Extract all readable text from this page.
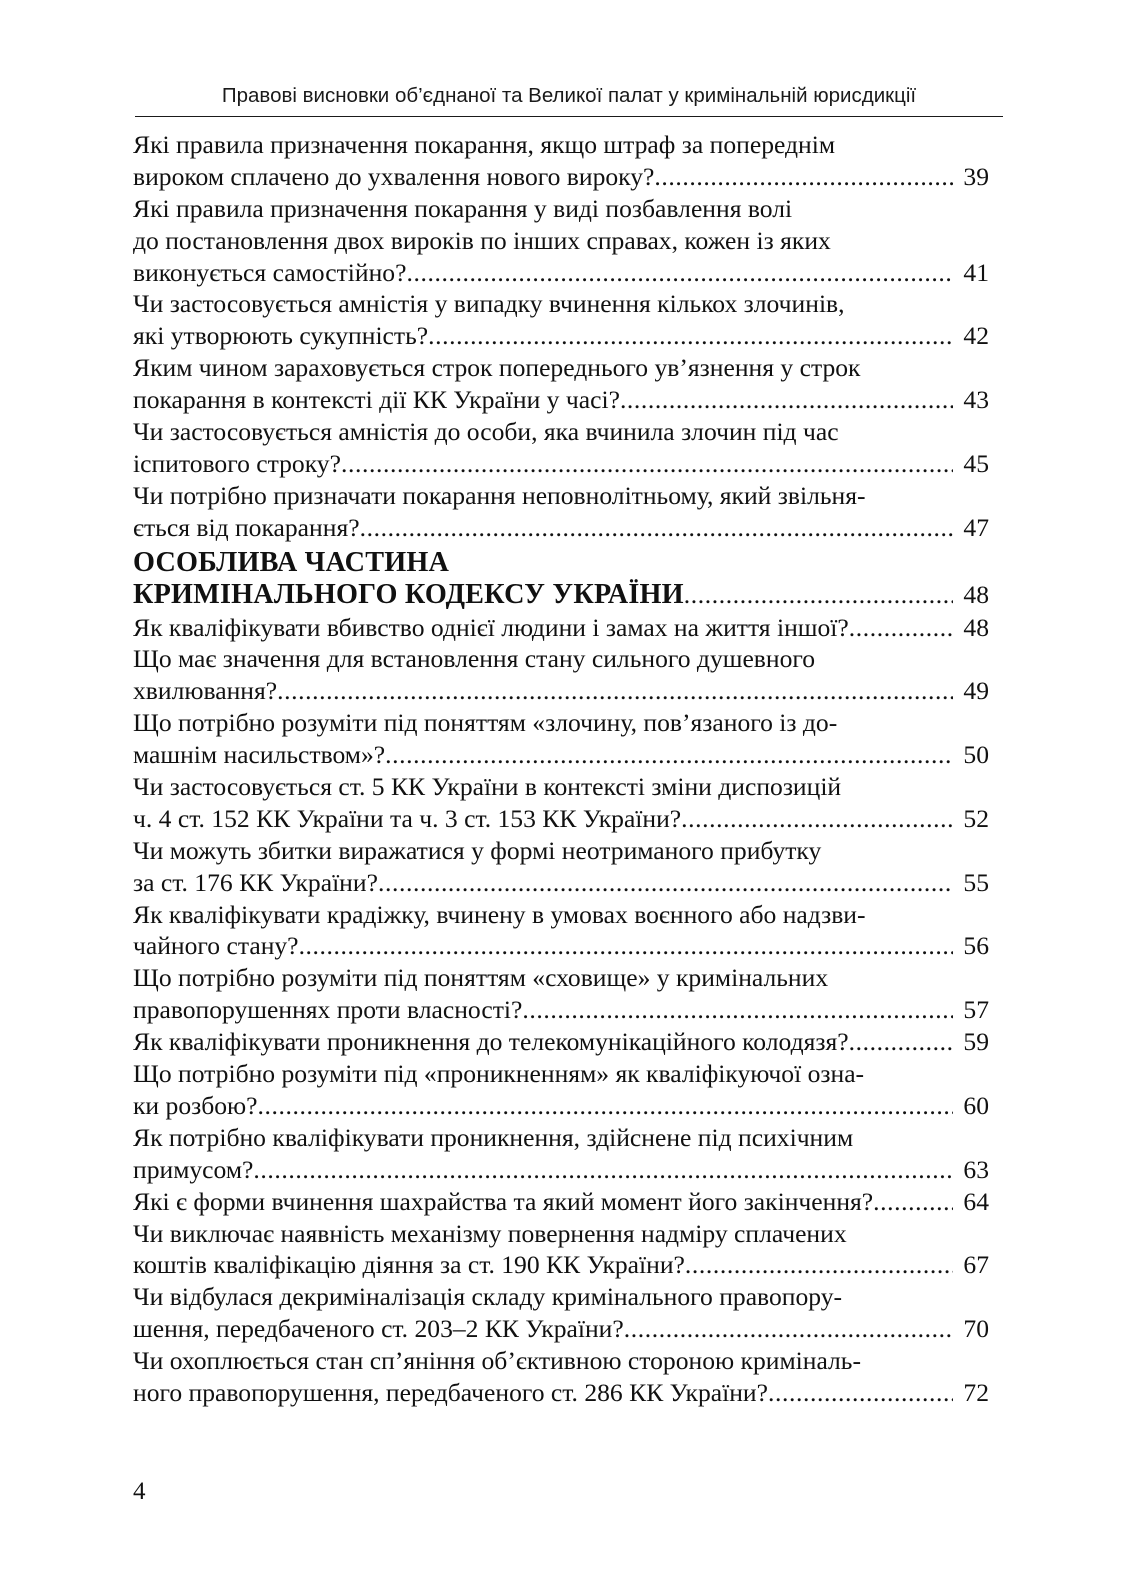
Правові висновки об’єднаної та Великої палат у кримінальній юрисдикції
Які правила призначення покарання, якщо штраф за попереднім
вироком сплачено до ухвалення нового вироку? .....	39
Які правила призначення покарання у виді позбавлення волі
до постановлення двох вироків по інших справах, кожен із яких
виконується самостійно? .....	41
Чи застосовується амністія у випадку вчинення кількох злочинів,
які утворюють сукупність? .....	42
Яким чином зараховується строк попереднього ув’язнення у строк
покарання в контексті дії КК України у часі? .....	43
Чи застосовується амністія до особи, яка вчинила злочин під час
іспитового строку? .....	45
Чи потрібно призначати покарання неповнолітньому, який звільня-
ється від покарання? .....	47
ОСОБЛИВА ЧАСТИНА
КРИМІНАЛЬНОГО КОДЕКСУ УКРАЇНИ .....	48
Як кваліфікувати вбивство однієї людини і замах на життя іншої? .....	48
Що має значення для встановлення стану сильного душевного
хвилювання? .....	49
Що потрібно розуміти під поняттям «злочину, пов’язаного із до-
машнім насильством»? .....	50
Чи застосовується ст. 5 КК України в контексті зміни диспозицій
ч. 4 ст. 152 КК України та ч. 3 ст. 153 КК України? .....	52
Чи можуть збитки виражатися у формі неотриманого прибутку
за ст. 176 КК України? .....	55
Як кваліфікувати крадіжку, вчинену в умовах воєнного або надзви-
чайного стану? .....	56
Що потрібно розуміти під поняттям «сховище» у кримінальних
правопорушеннях проти власності? .....	57
Як кваліфікувати проникнення до телекомунікаційного колодязя? .....	59
Що потрібно розуміти під «проникненням» як кваліфікуючої озна-
ки розбою? .....	60
Як потрібно кваліфікувати проникнення, здійснене під психічним
примусом? .....	63
Які є форми вчинення шахрайства та який момент його закінчення? .....	64
Чи виключає наявність механізму повернення надміру сплачених
коштів кваліфікацію діяння за ст. 190 КК України? .....	67
Чи відбулася декриміналізація складу кримінального правопору-
шення, передбаченого ст. 203–2 КК України? .....	70
Чи охоплюється стан сп’яніння об’єктивною стороною криміналь-
ного правопорушення, передбаченого ст. 286 КК України? .....	72
4
